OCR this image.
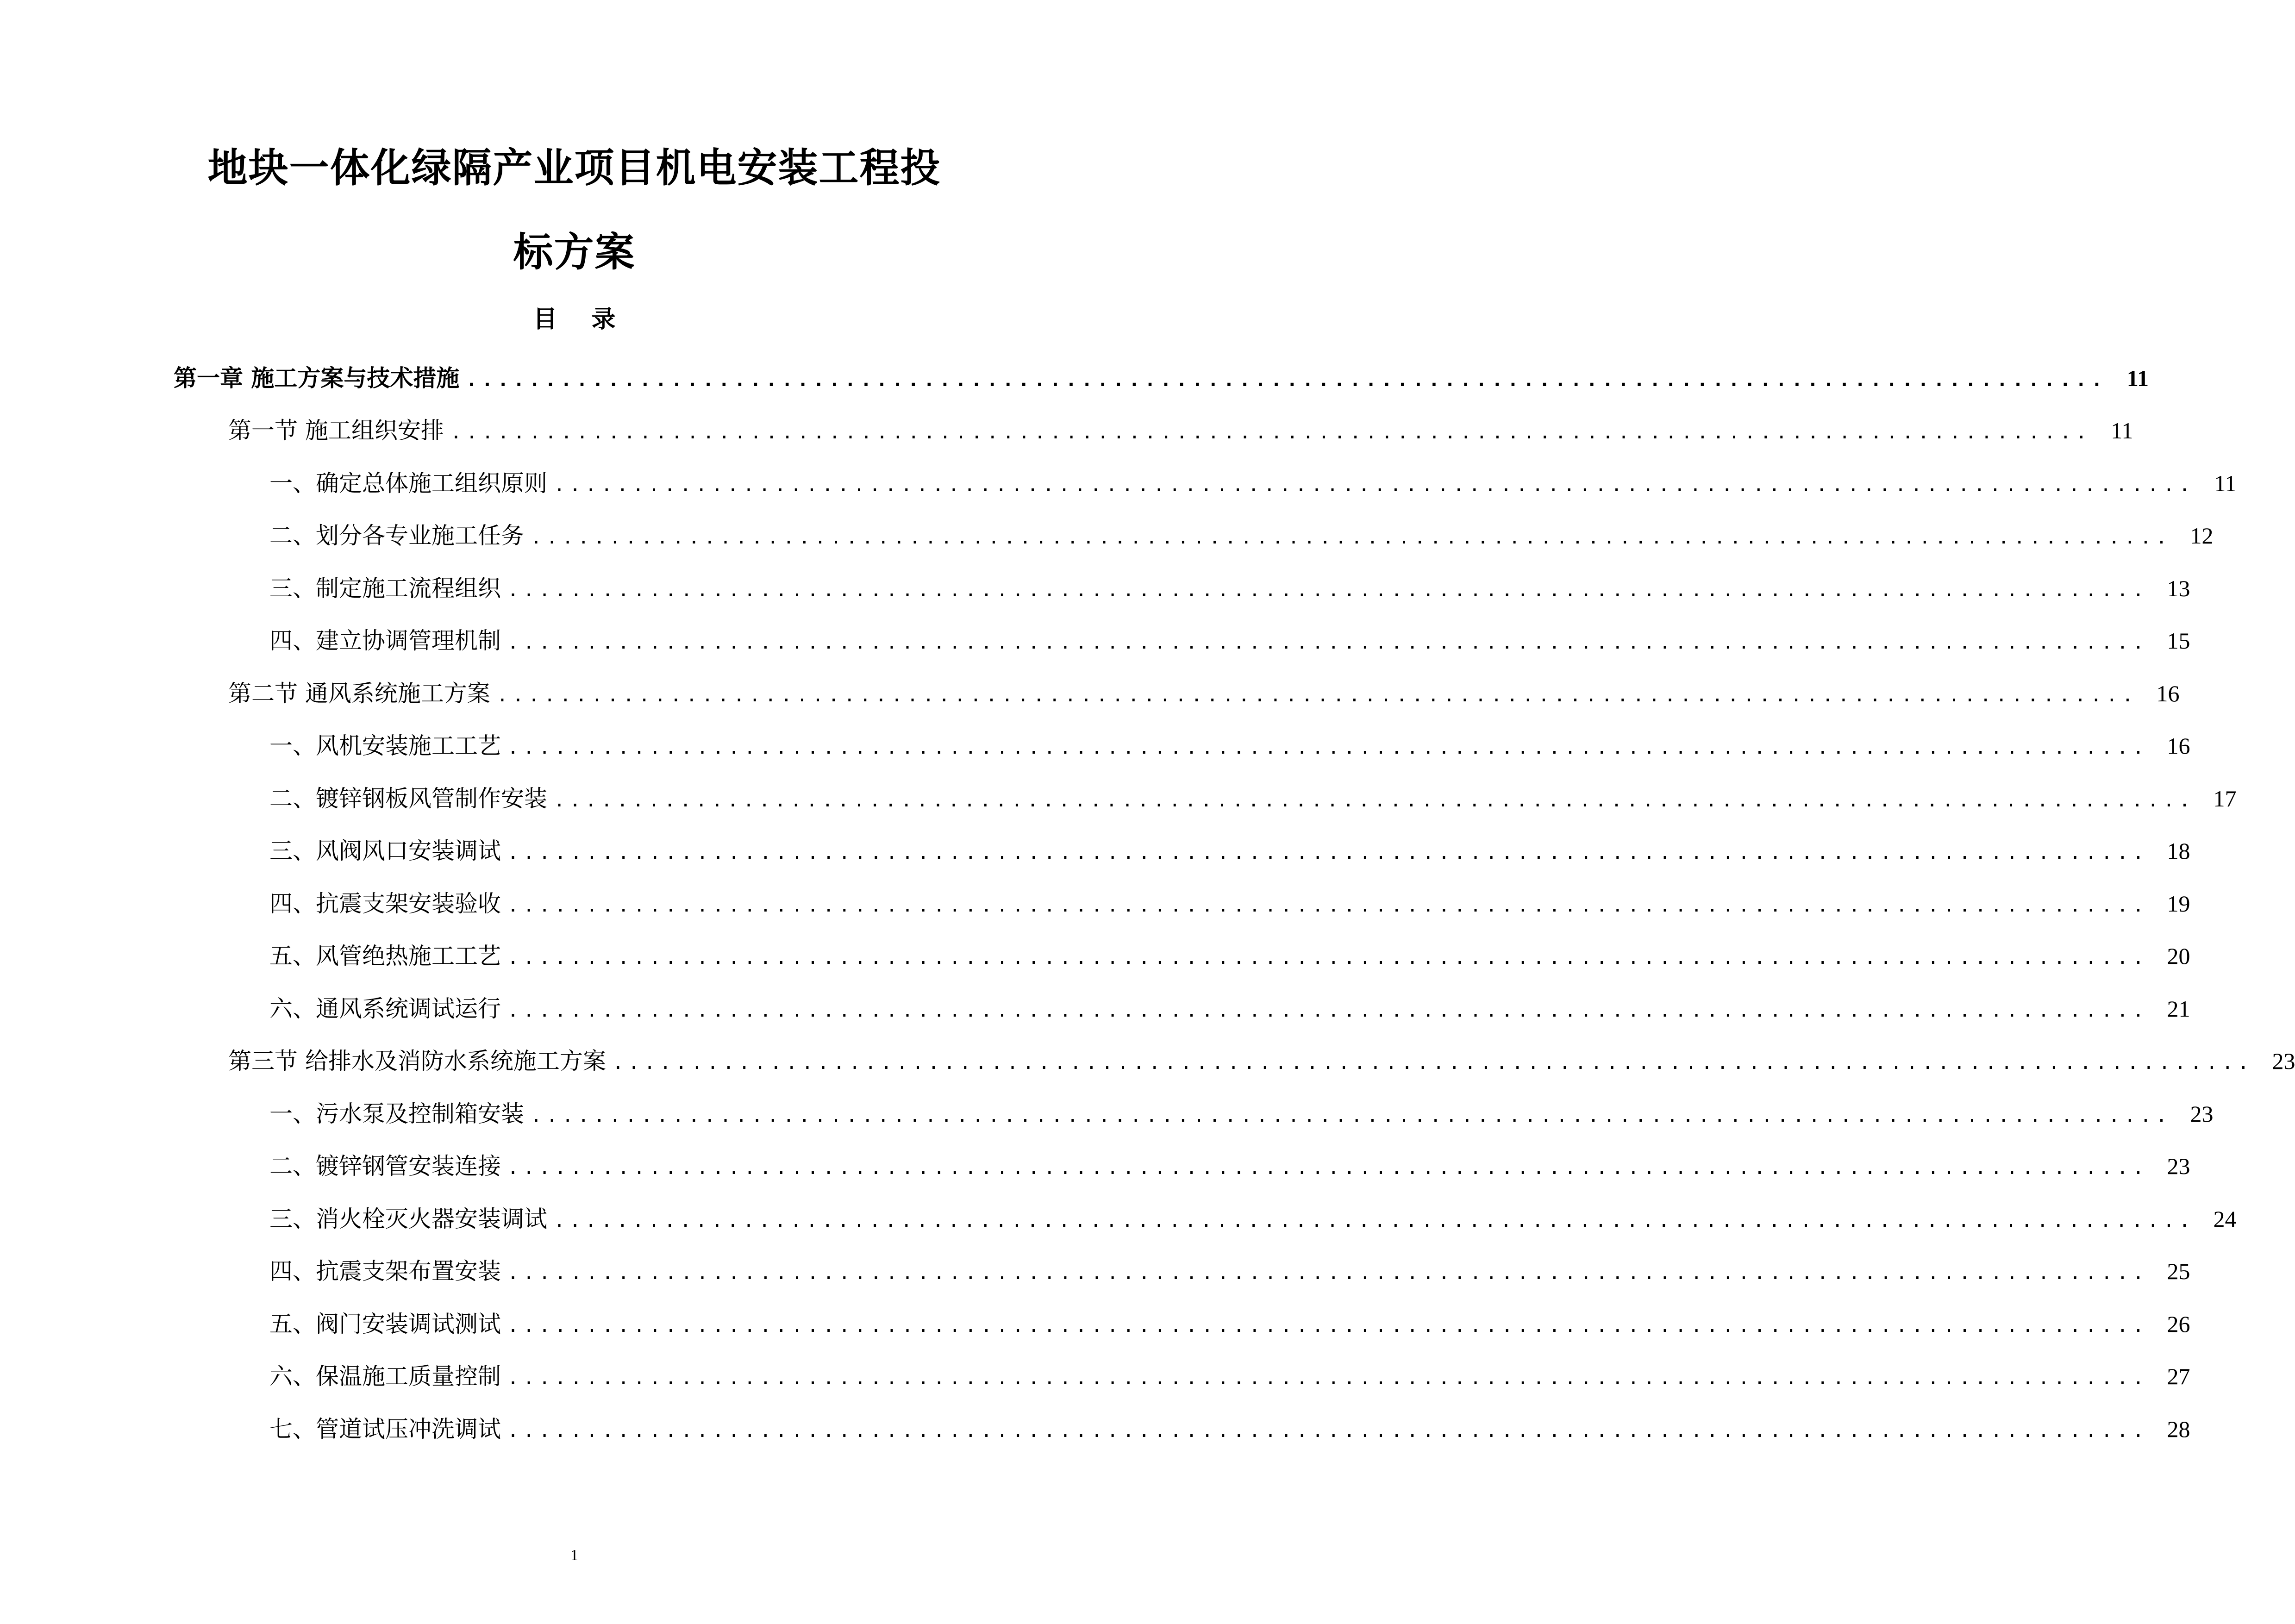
地块一体化绿隔产业项目机电安装工程投
标方案
目 录
第一章 施工方案与技术措施 ........................................................................................................ 11
第一节 施工组织安排 ........................................................................................................ 11
一、确定总体施工组织原则 ........................................................................................................ 11
二、划分各专业施工任务 ........................................................................................................ 12
三、制定施工流程组织 ........................................................................................................ 13
四、建立协调管理机制 ........................................................................................................ 15
第二节 通风系统施工方案 ........................................................................................................ 16
一、风机安装施工工艺 ........................................................................................................ 16
二、镀锌钢板风管制作安装 ........................................................................................................ 17
三、风阀风口安装调试 ........................................................................................................ 18
四、抗震支架安装验收 ........................................................................................................ 19
五、风管绝热施工工艺 ........................................................................................................ 20
六、通风系统调试运行 ........................................................................................................ 21
第三节 给排水及消防水系统施工方案 ........................................................................................................ 23
一、污水泵及控制箱安装 ........................................................................................................ 23
二、镀锌钢管安装连接 ........................................................................................................ 23
三、消火栓灭火器安装调试 ........................................................................................................ 24
四、抗震支架布置安装 ........................................................................................................ 25
五、阀门安装调试测试 ........................................................................................................ 26
六、保温施工质量控制 ........................................................................................................ 27
七、管道试压冲洗调试 ........................................................................................................ 28
1
